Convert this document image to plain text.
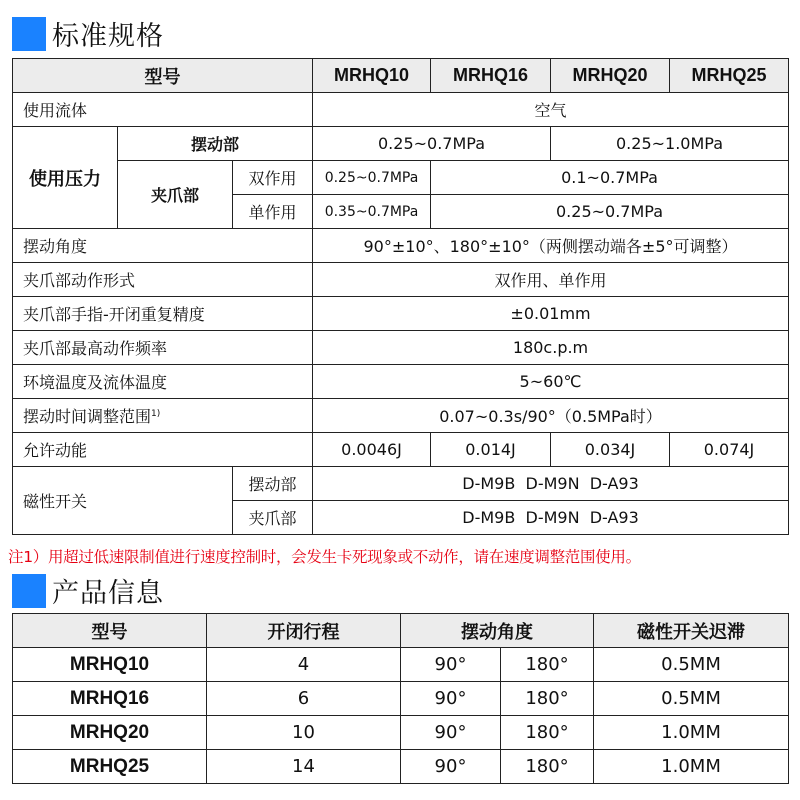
标准规格
型号			MRHQ10	MRHQ16	MRHQ20	MRHQ25
使用流体			空气			
使用压力	摆动部		0.25~0.7MPa		0.25~1.0MPa	
	夹爪部	双作用	0.25~0.7MPa	0.1~0.7MPa		
		单作用	0.35~0.7MPa	0.25~0.7MPa		
摆动角度			90°±10°、180°±10°（两侧摆动端各±5°可调整）			
夹爪部动作形式			双作用、单作用			
夹爪部手指-开闭重复精度			±0.01mm			
夹爪部最高动作频率			180c.p.m			
环境温度及流体温度			5~60℃			
摆动时间调整范围$^{1)}$			0.07~0.3s/90°（0.5MPa时）			
允许动能			0.0046J	0.014J	0.034J	0.074J
磁性开关		摆动部	D-M9B  D-M9N  D-A93			
		夹爪部	D-M9B  D-M9N  D-A93			
注1）用超过低速限制值进行速度控制时，会发生卡死现象或不动作，请在速度调整范围使用。
产品信息
型号	开闭行程	摆动角度		磁性开关迟滞
MRHQ10	4	90°	180°	0.5MM
MRHQ16	6	90°	180°	0.5MM
MRHQ20	10	90°	180°	1.0MM
MRHQ25	14	90°	180°	1.0MM
